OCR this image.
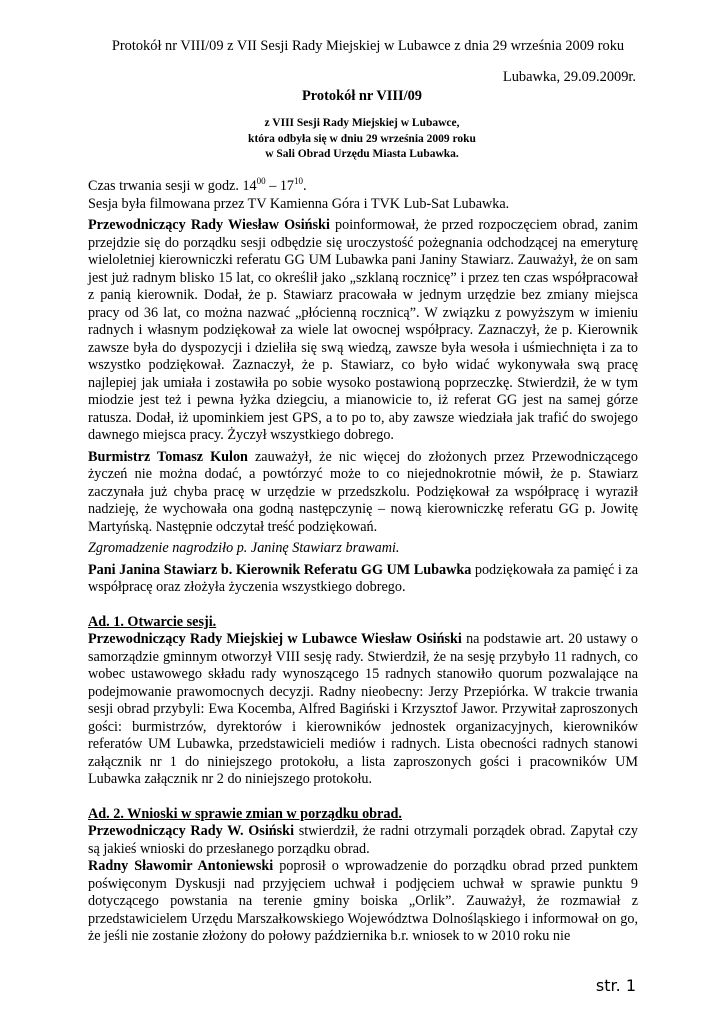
Protokół nr VIII/09 z VII Sesji Rady Miejskiej w Lubawce z dnia 29 września 2009 roku
Lubawka, 29.09.2009r.
Protokół nr VIII/09
z VIII Sesji Rady Miejskiej w Lubawce,
która odbyła się w dniu 29 września 2009 roku
w Sali Obrad Urzędu Miasta Lubawka.

Czas trwania sesji w godz. $14^{00} - 17^{10}$.

Sesja była filmowana przez TV Kamienna Góra i TVK Lub-Sat Lubawka.

Przewodniczący Rady Wiesław Osiński poinformował, że przed rozpoczęciem obrad, zanim przejdzie się do porządku sesji odbędzie się uroczystość pożegnania odchodzącej na emeryturę wieloletniej kierowniczki referatu GG UM Lubawka pani Janiny Stawiarz. Zauważył, że on sam jest już radnym blisko 15 lat, co określił jako „szklaną rocznicę” i przez ten czas współpracował z panią kierownik. Dodał, że p. Stawiarz pracowała w jednym urzędzie bez zmiany miejsca pracy od 36 lat, co można nazwać „płócienną rocznicą”. W związku z powyższym w imieniu radnych i własnym podziękował za wiele lat owocnej współpracy. Zaznaczył, że p. Kierownik zawsze była do dyspozycji i dzieliła się swą wiedzą, zawsze była wesoła i uśmiechnięta i za to wszystko podziękował. Zaznaczył, że p. Stawiarz, co było widać wykonywała swą pracę najlepiej jak umiała i zostawiła po sobie wysoko postawioną poprzeczkę. Stwierdził, że w tym miodzie jest też i pewna łyżka dziegciu, a mianowicie to, iż referat GG jest na samej górze ratusza. Dodał, iż upominkiem jest GPS, a to po to, aby zawsze wiedziała jak trafić do swojego dawnego miejsca pracy. Życzył wszystkiego dobrego.

Burmistrz Tomasz Kulon zauważył, że nic więcej do złożonych przez Przewodniczącego życzeń nie można dodać, a powtórzyć może to co niejednokrotnie mówił, że p. Stawiarz zaczynała już chyba pracę w urzędzie w przedszkolu. Podziękował za współpracę i wyraził nadzieję, że wychowała ona godną następczynię – nową kierowniczkę referatu GG p. Jowitę Martyńską. Następnie odczytał treść podziękowań.

Zgromadzenie nagrodziło p. Janinę Stawiarz brawami.

Pani Janina Stawiarz b. Kierownik Referatu GG UM Lubawka podziękowała za pamięć i za współpracę oraz złożyła życzenia wszystkiego dobrego.

Ad. 1. Otwarcie sesji.

Przewodniczący Rady Miejskiej w Lubawce Wiesław Osiński na podstawie art. 20 ustawy o samorządzie gminnym otworzył VIII sesję rady. Stwierdził, że na sesję przybyło 11 radnych, co wobec ustawowego składu rady wynoszącego 15 radnych stanowiło quorum pozwalające na podejmowanie prawomocnych decyzji. Radny nieobecny: Jerzy Przepiórka. W trakcie trwania sesji obrad przybyli: Ewa Kocemba, Alfred Bagiński i Krzysztof Jawor. Przywitał zaproszonych gości: burmistrzów, dyrektorów i kierowników jednostek organizacyjnych, kierowników referatów UM Lubawka, przedstawicieli mediów i radnych. Lista obecności radnych stanowi załącznik nr 1 do niniejszego protokołu, a lista zaproszonych gości i pracowników UM Lubawka załącznik nr 2 do niniejszego protokołu.

Ad. 2. Wnioski w sprawie zmian w porządku obrad.

Przewodniczący Rady W. Osiński stwierdził, że radni otrzymali porządek obrad. Zapytał czy są jakieś wnioski do przesłanego porządku obrad.

Radny Sławomir Antoniewski poprosił o wprowadzenie do porządku obrad przed punktem poświęconym Dyskusji nad przyjęciem uchwał i podjęciem uchwał w sprawie punktu 9 dotyczącego powstania na terenie gminy boiska „Orlik”. Zauważył, że rozmawiał z przedstawicielem Urzędu Marszałkowskiego Województwa Dolnośląskiego i informował on go, że jeśli nie zostanie złożony do połowy października b.r. wniosek to w 2010 roku nie

str. 1
